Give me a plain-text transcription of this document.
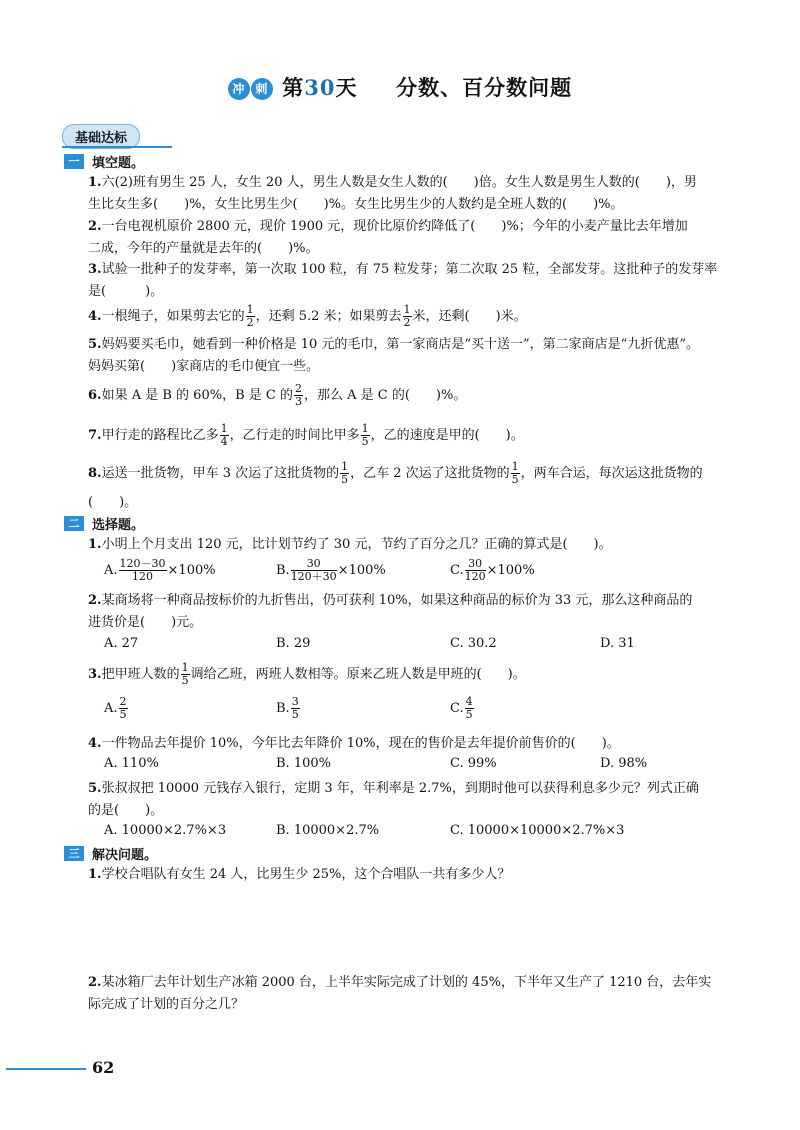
冲 刺 第30天 分数、百分数问题
基础达标
一 填空题。
1.六(2)班有男生 25 人，女生 20 人，男生人数是女生人数的(　　)倍。女生人数是男生人数的(　　)，男
生比女生多(　　)%，女生比男生少(　　)%。女生比男生少的人数约是全班人数的(　　)%。
2.一台电视机原价 2800 元，现价 1900 元，现价比原价约降低了(　　)%；今年的小麦产量比去年增加
二成，今年的产量就是去年的(　　)%。
3.试验一批种子的发芽率，第一次取 100 粒，有 75 粒发芽；第二次取 25 粒，全部发芽。这批种子的发芽率
是(　　　)。
4.一根绳子，如果剪去它的 $\frac{1}{2}$ ，还剩 5.2 米；如果剪去 $\frac{1}{2}$ 米，还剩(　　)米。
5.妈妈要买毛巾，她看到一种价格是 10 元的毛巾，第一家商店是“买十送一”，第二家商店是“九折优惠”。
妈妈买第(　　)家商店的毛巾便宜一些。
6.如果 A 是 B 的 60%，B 是 C 的 $\frac{2}{3}$ ，那么 A 是 C 的(　　)%。
7.甲行走的路程比乙多 $\frac{1}{4}$ ，乙行走的时间比甲多 $\frac{1}{5}$ ，乙的速度是甲的(　　)。
8.运送一批货物，甲车 3 次运了这批货物的 $\frac{1}{5}$ ，乙车 2 次运了这批货物的 $\frac{1}{5}$ ，两车合运，每次运这批货物的
(　　)。
二 选择题。
1.小明上个月支出 120 元，比计划节约了 30 元，节约了百分之几？正确的算式是(　　)。
A. $\frac{120-30}{120} \times 100\%$	B. $\frac{30}{120+30} \times 100\%$	C. $\frac{30}{120} \times 100\%$
2.某商场将一种商品按标价的九折售出，仍可获利 10%，如果这种商品的标价为 33 元，那么这种商品的
进货价是(　　)元。
A. 27	B. 29	C. 30.2	D. 31
3.把甲班人数的 $\frac{1}{5}$ 调给乙班，两班人数相等。原来乙班人数是甲班的(　　)。
A. $\frac{2}{5}$	B. $\frac{3}{5}$	C. $\frac{4}{5}$
4.一件物品去年提价 10%，今年比去年降价 10%，现在的售价是去年提价前售价的(　　)。
A. 110%	B. 100%	C. 99%	D. 98%
5.张叔叔把 10000 元钱存入银行，定期 3 年，年利率是 2.7%，到期时他可以获得利息多少元？列式正确
的是(　　)。
A. 10000×2.7%×3	B. 10000×2.7%	C. 10000×10000×2.7%×3
三 解决问题。
1.学校合唱队有女生 24 人，比男生少 25%，这个合唱队一共有多少人？
2.某冰箱厂去年计划生产冰箱 2000 台，上半年实际完成了计划的 45%，下半年又生产了 1210 台，去年实
际完成了计划的百分之几？
62
